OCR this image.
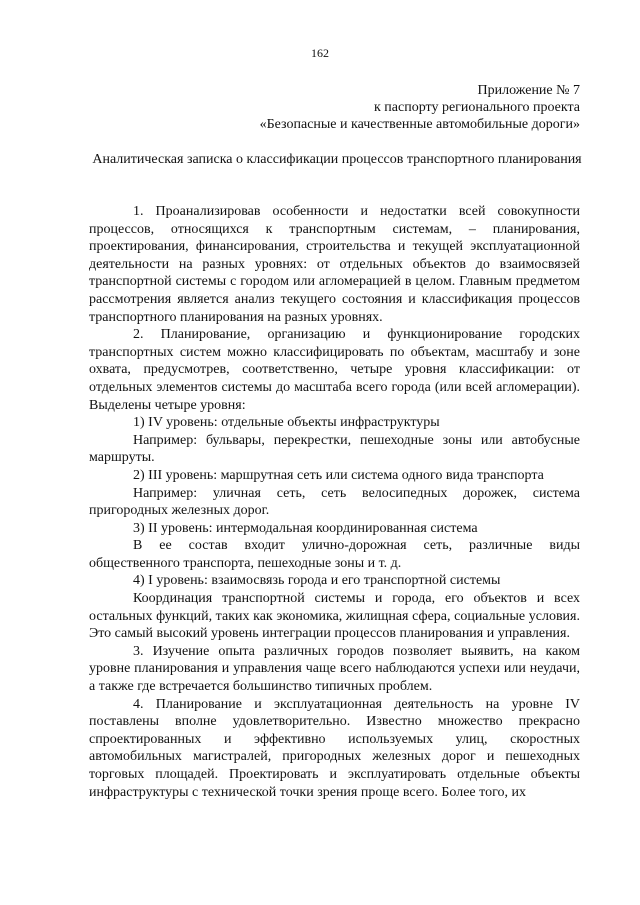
162
Приложение № 7
к паспорту регионального проекта
«Безопасные и качественные автомобильные дороги»
Аналитическая записка о классификации процессов транспортного планирования

1. Проанализировав особенности и недостатки всей совокупности процессов, относящихся к транспортным системам, – планирования, проектирования, финансирования, строительства и текущей эксплуатационной деятельности на разных уровнях: от отдельных объектов до взаимосвязей транспортной системы с городом или агломерацией в целом. Главным предметом рассмотрения является анализ текущего состояния и классификация процессов транспортного планирования на разных уровнях.

2. Планирование, организацию и функционирование городских транспортных систем можно классифицировать по объектам, масштабу и зоне охвата, предусмотрев, соответственно, четыре уровня классификации: от отдельных элементов системы до масштаба всего города (или всей агломерации). Выделены четыре уровня:

1) IV уровень: отдельные объекты инфраструктуры

Например: бульвары, перекрестки, пешеходные зоны или автобусные маршруты.

2) III уровень: маршрутная сеть или система одного вида транспорта

Например: уличная сеть, сеть велосипедных дорожек, система пригородных железных дорог.

3) II уровень: интермодальная координированная система

В ее состав входит улично-дорожная сеть, различные виды общественного транспорта, пешеходные зоны и т. д.

4) I уровень: взаимосвязь города и его транспортной системы

Координация транспортной системы и города, его объектов и всех остальных функций, таких как экономика, жилищная сфера, социальные условия. Это самый высокий уровень интеграции процессов планирования и управления.

3. Изучение опыта различных городов позволяет выявить, на каком уровне планирования и управления чаще всего наблюдаются успехи или неудачи, а также где встречается большинство типичных проблем.

4. Планирование и эксплуатационная деятельность на уровне IV поставлены вполне удовлетворительно. Известно множество прекрасно спроектированных и эффективно используемых улиц, скоростных автомобильных магистралей, пригородных железных дорог и пешеходных торговых площадей. Проектировать и эксплуатировать отдельные объекты инфраструктуры с технической точки зрения проще всего. Более того, их
